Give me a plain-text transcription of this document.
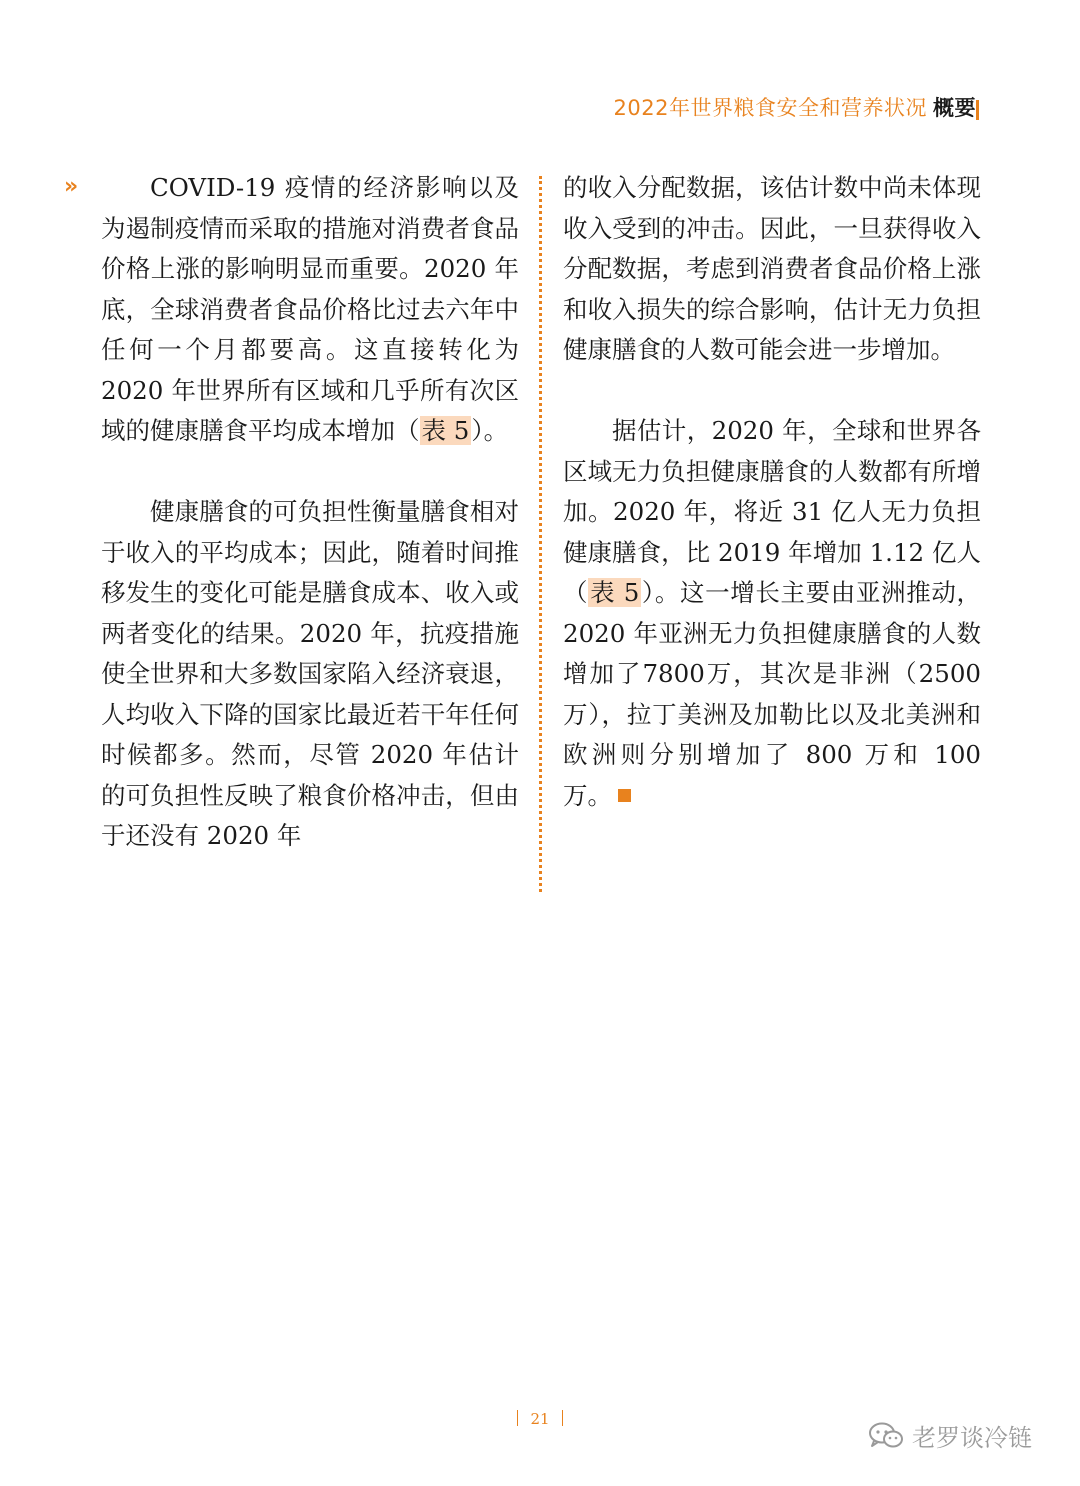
2022年世界粮食安全和营养状况 概要
»	COVID-19 疫情的经济影响以及为遏制疫情而采取的措施对消费者食品价格上涨的影响明显而重要。2020 年底，全球消费者食品价格比过去六年中任何一个月都要高。这直接转化为 2020 年世界所有区域和几乎所有次区域的健康膳食平均成本增加（表 5）。

健康膳食的可负担性衡量膳食相对于收入的平均成本；因此，随着时间推移发生的变化可能是膳食成本、收入或两者变化的结果。2020 年，抗疫措施使全世界和大多数国家陷入经济衰退，人均收入下降的国家比最近若干年任何时候都多。然而，尽管 2020 年估计的可负担性反映了粮食价格冲击，但由于还没有 2020 年

的收入分配数据，该估计数中尚未体现收入受到的冲击。因此，一旦获得收入分配数据，考虑到消费者食品价格上涨和收入损失的综合影响，估计无力负担健康膳食的人数可能会进一步增加。

据估计，2020 年，全球和世界各区域无力负担健康膳食的人数都有所增加。2020 年，将近 31 亿人无力负担健康膳食，比 2019 年增加 1.12 亿人（表 5）。这一增长主要由亚洲推动，2020 年亚洲无力负担健康膳食的人数增加了7800万，其次是非洲（2500 万），拉丁美洲及加勒比以及北美洲和欧洲则分别增加了 800 万和 100 万。

21
老罗谈冷链
